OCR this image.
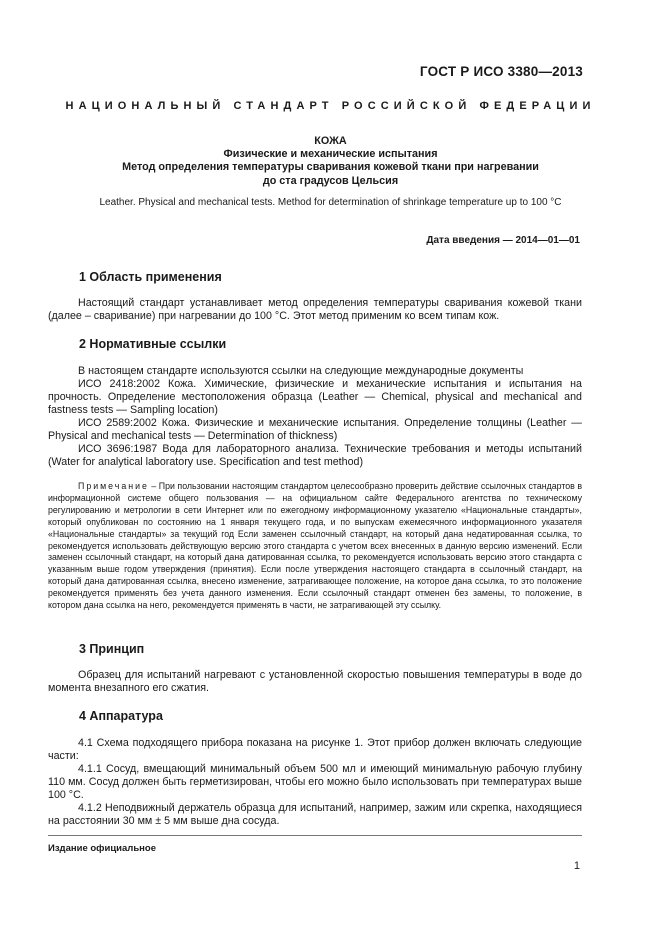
ГОСТ Р ИСО 3380—2013
НАЦИОНАЛЬНЫЙ СТАНДАРТ РОССИЙСКОЙ ФЕДЕРАЦИИ
КОЖА
Физические и механические испытания
Метод определения температуры сваривания кожевой ткани при нагревании
до ста градусов Цельсия
Leather. Physical and mechanical tests. Method for determination of shrinkage temperature up to 100 °C
Дата введения — 2014—01—01
1 Область применения
Настоящий стандарт устанавливает метод определения температуры сваривания кожевой ткани (далее – сваривание) при нагревании до 100 °С. Этот метод применим ко всем типам кож.
2 Нормативные ссылки
В настоящем стандарте используются ссылки на следующие международные документы
ИСО 2418:2002 Кожа. Химические, физические и механические испытания и испытания на прочность. Определение местоположения образца (Leather — Chemical, physical and mechanical and fastness tests — Sampling location)
ИСО 2589:2002 Кожа. Физические и механические испытания. Определение толщины (Leather — Physical and mechanical tests — Determination of thickness)
ИСО 3696:1987 Вода для лабораторного анализа. Технические требования и методы испытаний (Water for analytical laboratory use. Specification and test method)
Примечание – При пользовании настоящим стандартом целесообразно проверить действие ссылочных стандартов в информационной системе общего пользования — на официальном сайте Федерального агентства по техническому регулированию и метрологии в сети Интернет или по ежегодному информационному указателю «Национальные стандарты», который опубликован по состоянию на 1 января текущего года, и по выпускам ежемесячного информационного указателя «Национальные стандарты» за текущий год Если заменен ссылочный стандарт, на который дана недатированная ссылка, то рекомендуется использовать действующую версию этого стандарта с учетом всех внесенных в данную версию изменений. Если заменен ссылочный стандарт, на который дана датированная ссылка, то рекомендуется использовать версию этого стандарта с указанным выше годом утверждения (принятия). Если после утверждения настоящего стандарта в ссылочный стандарт, на который дана датированная ссылка, внесено изменение, затрагивающее положение, на которое дана ссылка, то это положение рекомендуется применять без учета данного изменения. Если ссылочный стандарт отменен без замены, то положение, в котором дана ссылка на него, рекомендуется применять в части, не затрагивающей эту ссылку.
3 Принцип
Образец для испытаний нагревают с установленной скоростью повышения температуры в воде до момента внезапного его сжатия.
4 Аппаратура
4.1 Схема подходящего прибора показана на рисунке 1. Этот прибор должен включать следующие части:
4.1.1 Сосуд, вмещающий минимальный объем 500 мл и имеющий минимальную рабочую глубину 110 мм. Сосуд должен быть герметизирован, чтобы его можно было использовать при температурах выше 100 °С.
4.1.2 Неподвижный держатель образца для испытаний, например, зажим или скрепка, находящиеся на расстоянии 30 мм ± 5 мм выше дна сосуда.
Издание официальное
1
